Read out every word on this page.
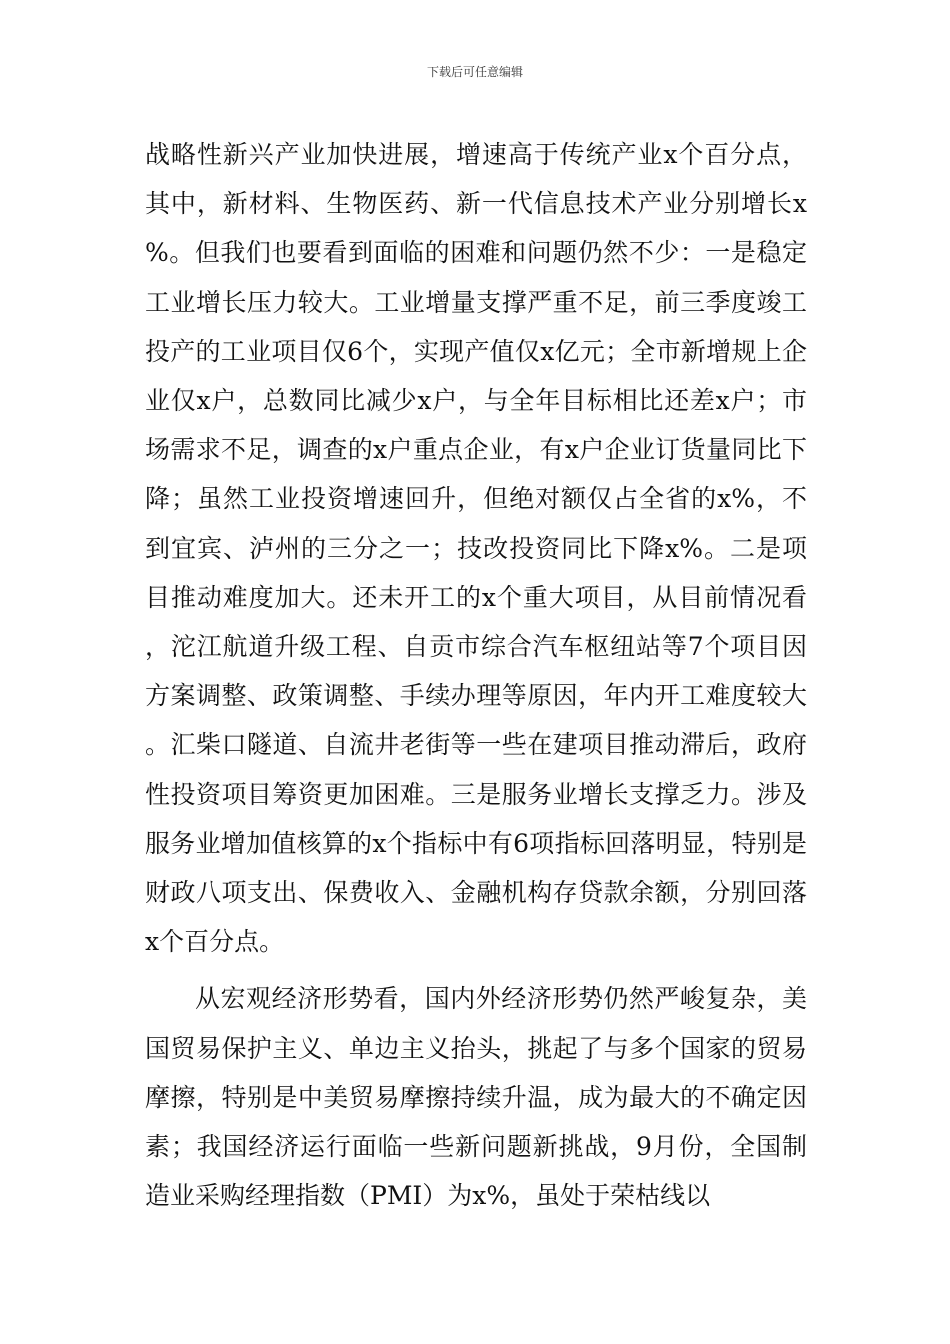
下载后可任意编辑

战略性新兴产业加快进展，增速高于传统产业x个百分点，其中，新材料、生物医药、新一代信息技术产业分别增长x%。但我们也要看到面临的困难和问题仍然不少：一是稳定工业增长压力较大。工业增量支撑严重不足，前三季度竣工投产的工业项目仅6个，实现产值仅x亿元；全市新增规上企业仅x户，总数同比减少x户，与全年目标相比还差x户；市场需求不足，调查的x户重点企业，有x户企业订货量同比下降；虽然工业投资增速回升，但绝对额仅占全省的x%，不到宜宾、泸州的三分之一；技改投资同比下降x%。二是项目推动难度加大。还未开工的x个重大项目，从目前情况看，沱江航道升级工程、自贡市综合汽车枢纽站等7个项目因方案调整、政策调整、手续办理等原因，年内开工难度较大。汇柴口隧道、自流井老街等一些在建项目推动滞后，政府性投资项目筹资更加困难。三是服务业增长支撑乏力。涉及服务业增加值核算的x个指标中有6项指标回落明显，特别是财政八项支出、保费收入、金融机构存贷款余额，分别回落x个百分点。

从宏观经济形势看，国内外经济形势仍然严峻复杂，美国贸易保护主义、单边主义抬头，挑起了与多个国家的贸易摩擦，特别是中美贸易摩擦持续升温，成为最大的不确定因素；我国经济运行面临一些新问题新挑战，9月份，全国制造业采购经理指数（PMI）为x%，虽处于荣枯线以
